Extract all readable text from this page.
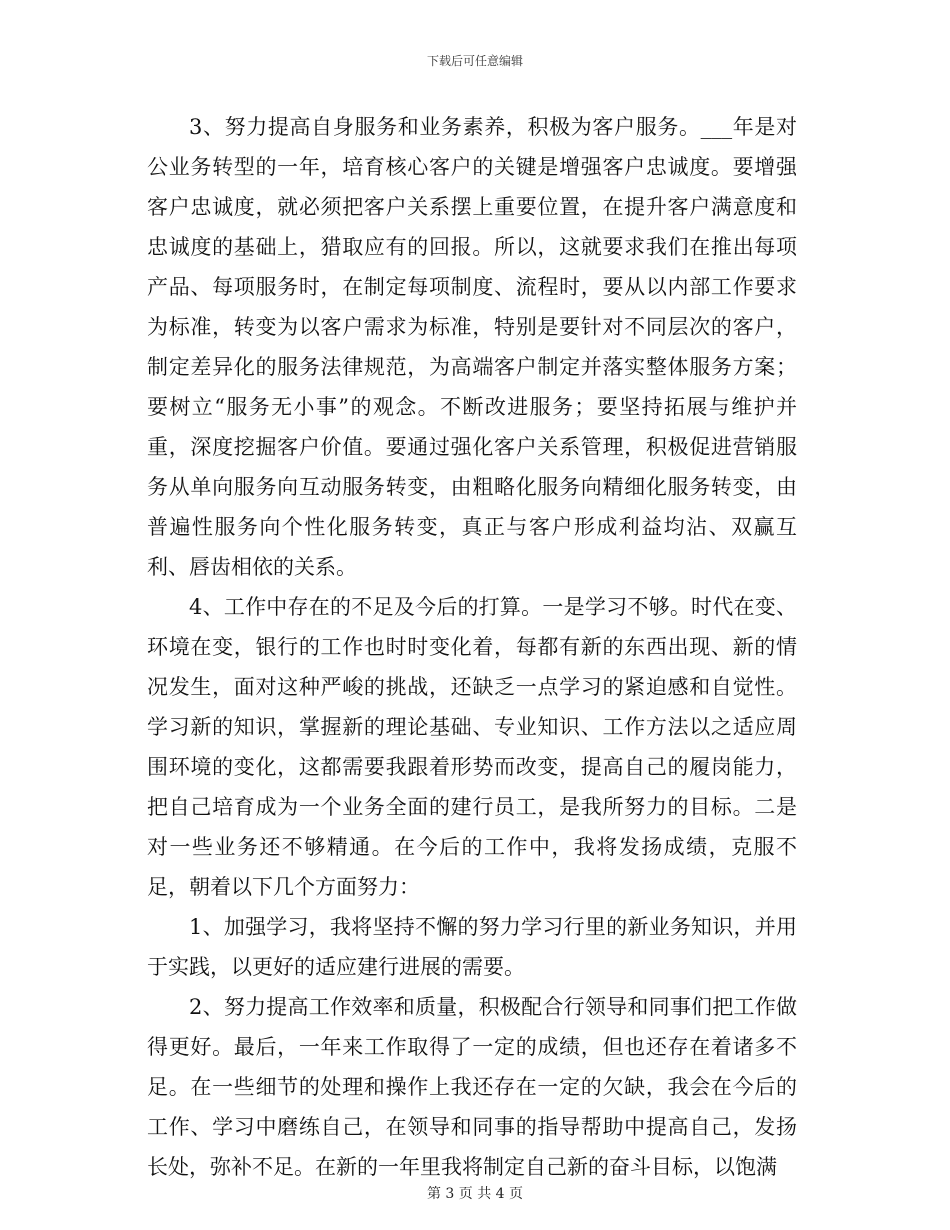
下载后可任意编辑

3、努力提高自身服务和业务素养，积极为客户服务。___年是对公业务转型的一年，培育核心客户的关键是增强客户忠诚度。要增强客户忠诚度，就必须把客户关系摆上重要位置，在提升客户满意度和忠诚度的基础上，猎取应有的回报。所以，这就要求我们在推出每项产品、每项服务时，在制定每项制度、流程时，要从以内部工作要求为标准，转变为以客户需求为标准，特别是要针对不同层次的客户，制定差异化的服务法律规范，为高端客户制定并落实整体服务方案；要树立“服务无小事”的观念。不断改进服务；要坚持拓展与维护并重，深度挖掘客户价值。要通过强化客户关系管理，积极促进营销服务从单向服务向互动服务转变，由粗略化服务向精细化服务转变，由普遍性服务向个性化服务转变，真正与客户形成利益均沾、双赢互利、唇齿相依的关系。

4、工作中存在的不足及今后的打算。一是学习不够。时代在变、环境在变，银行的工作也时时变化着，每都有新的东西出现、新的情况发生，面对这种严峻的挑战，还缺乏一点学习的紧迫感和自觉性。学习新的知识，掌握新的理论基础、专业知识、工作方法以之适应周围环境的变化，这都需要我跟着形势而改变，提高自己的履岗能力，把自己培育成为一个业务全面的建行员工，是我所努力的目标。二是对一些业务还不够精通。在今后的工作中，我将发扬成绩，克服不足，朝着以下几个方面努力：

1、加强学习，我将坚持不懈的努力学习行里的新业务知识，并用于实践，以更好的适应建行进展的需要。

2、努力提高工作效率和质量，积极配合行领导和同事们把工作做得更好。最后，一年来工作取得了一定的成绩，但也还存在着诸多不足。在一些细节的处理和操作上我还存在一定的欠缺，我会在今后的工作、学习中磨练自己，在领导和同事的指导帮助中提高自己，发扬长处，弥补不足。在新的一年里我将制定自己新的奋斗目标，以饱满

第 3 页 共 4 页
